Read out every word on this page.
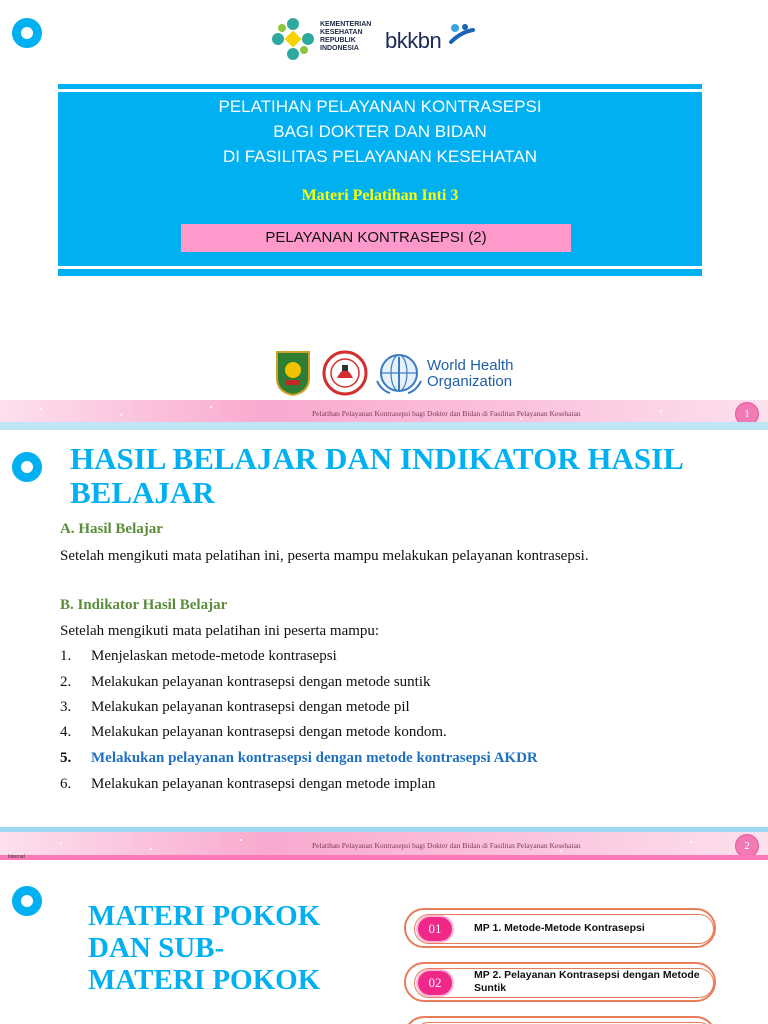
KEMENTERIAN
KESEHATAN
REPUBLIK
INDONESIA	bkkbn
PELATIHAN PELAYANAN KONTRASEPSI
BAGI DOKTER DAN BIDAN
DI FASILITAS PELAYANAN KESEHATAN
Materi Pelatihan Inti 3
PELAYANAN KONTRASEPSI (2)
World Health
Organization
Pelatihan Pelayanan Kontrasepsi bagi Dokter dan Bidan di Fasilitas Pelayanan Kesehatan	1
HASIL BELAJAR DAN INDIKATOR HASIL BELAJAR
A. Hasil Belajar
Setelah mengikuti mata pelatihan ini, peserta mampu melakukan pelayanan kontrasepsi.
B. Indikator Hasil Belajar
Setelah mengikuti mata pelatihan ini peserta mampu:
1. Menjelaskan metode-metode kontrasepsi
2. Melakukan pelayanan kontrasepsi dengan metode suntik
3. Melakukan pelayanan kontrasepsi dengan metode pil
4. Melakukan pelayanan kontrasepsi dengan metode kondom.
5. Melakukan pelayanan kontrasepsi dengan metode kontrasepsi AKDR
6. Melakukan pelayanan kontrasepsi dengan metode implan
Pelatihan Pelayanan Kontrasepsi bagi Dokter dan Bidan di Fasilitas Pelayanan Kesehatan	2
Internal
MATERI POKOK
DAN SUB-
MATERI POKOK
01	MP 1. Metode-Metode Kontrasepsi
02	MP 2. Pelayanan Kontrasepsi dengan Metode Suntik
